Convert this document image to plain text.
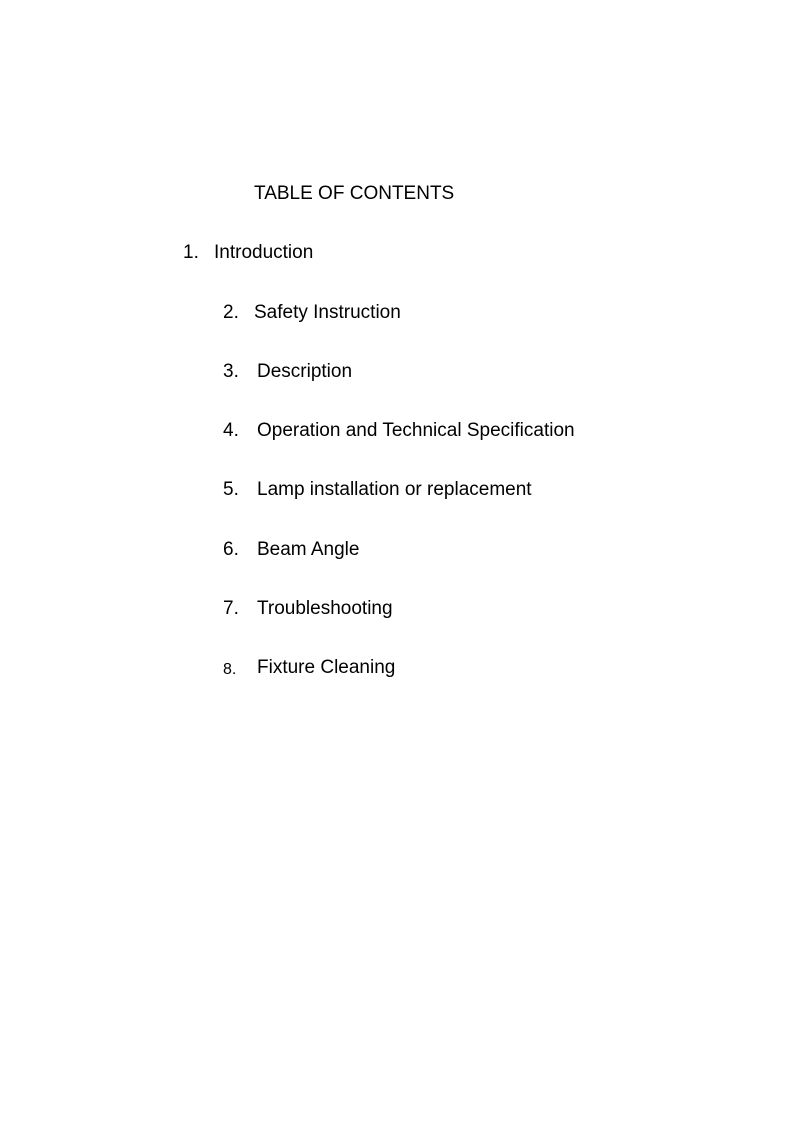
TABLE OF CONTENTS
1. Introduction
2. Safety Instruction
3. Description
4. Operation and Technical Specification
5. Lamp installation or replacement
6. Beam Angle
7. Troubleshooting
8. Fixture Cleaning
